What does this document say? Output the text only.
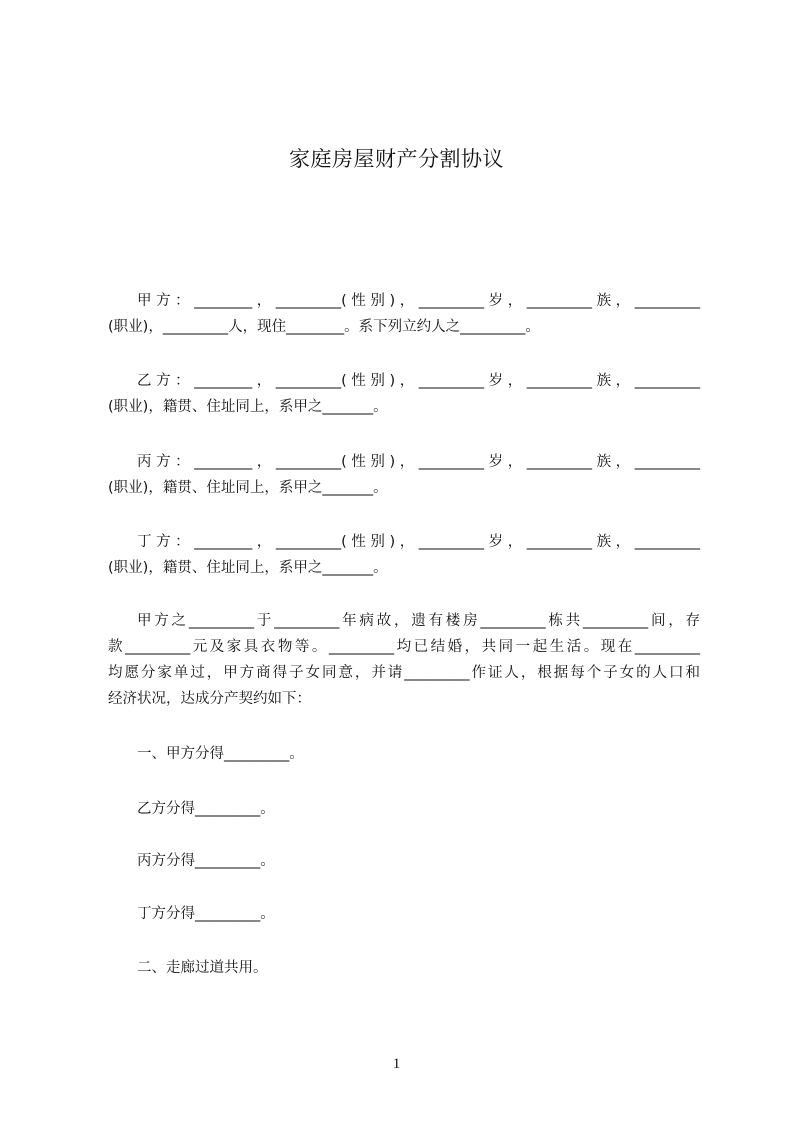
家庭房屋财产分割协议
甲方：________，_________(性别)，_________岁，_________族，_________
(职业)，_________人，现住________。系下列立约人之_________。
乙方：________，_________(性别)，_________岁，_________族，_________
(职业)，籍贯、住址同上，系甲之_______。
丙方：________，_________(性别)，_________岁，_________族，_________
(职业)，籍贯、住址同上，系甲之_______。
丁方：________，_________(性别)，_________岁，_________族，_________
(职业)，籍贯、住址同上，系甲之_______。
甲方之_________于_________年病故，遗有楼房_________栋共_________间，存
款_________元及家具衣物等。_________均已结婚，共同一起生活。现在_________
均愿分家单过，甲方商得子女同意，并请_________作证人，根据每个子女的人口和
经济状况，达成分产契约如下：
一、甲方分得_________。
乙方分得_________。
丙方分得_________。
丁方分得_________。
二、走廊过道共用。
1
